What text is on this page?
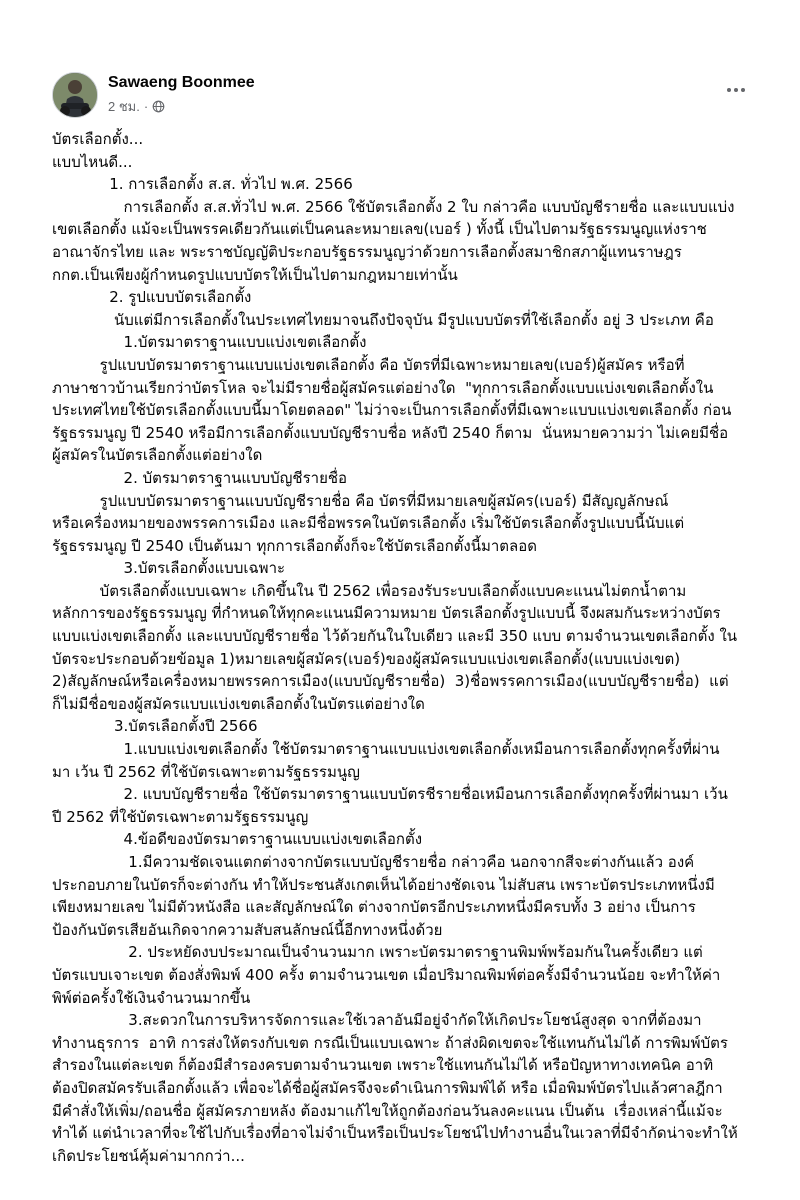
Sawaeng Boonmee
2 ชม. ·
บัตรเลือกตั้ง...
แบบไหนดี...
1. การเลือกตั้ง ส.ส. ทั่วไป พ.ศ. 2566
การเลือกตั้ง ส.ส.ทั่วไป พ.ศ. 2566 ใช้บัตรเลือกตั้ง 2 ใบ กล่าวคือ แบบบัญชีรายชื่อ และแบบแบ่ง
เขตเลือกตั้ง แม้จะเป็นพรรคเดียวกันแต่เป็นคนละหมายเลข(เบอร์ ) ทั้งนี้ เป็นไปตามรัฐธรรมนูญแห่งราช
อาณาจักรไทย และ พระราชบัญญัติประกอบรัฐธรรมนูญว่าด้วยการเลือกตั้งสมาชิกสภาผู้แทนราษฎร
กกต.เป็นเพียงผู้กำหนดรูปแบบบัตรให้เป็นไปตามกฎหมายเท่านั้น
2. รูปแบบบัตรเลือกตั้ง
นับแต่มีการเลือกตั้งในประเทศไทยมาจนถึงปัจจุบัน มีรูปแบบบัตรที่ใช้เลือกตั้ง อยู่ 3 ประเภท คือ
1.บัตรมาตราฐานแบบแบ่งเขตเลือกตั้ง
รูปแบบบัตรมาตราฐานแบบแบ่งเขตเลือกตั้ง คือ บัตรที่มีเฉพาะหมายเลข(เบอร์)ผู้สมัคร หรือที่
ภาษาชาวบ้านเรียกว่าบัตรโหล จะไม่มีรายชื่อผู้สมัครแต่อย่างใด  "ทุกการเลือกตั้งแบบแบ่งเขตเลือกตั้งใน
ประเทศไทยใช้บัตรเลือกตั้งแบบนี้มาโดยตลอด" ไม่ว่าจะเป็นการเลือกตั้งที่มีเฉพาะแบบแบ่งเขตเลือกตั้ง ก่อน
รัฐธรรมนูญ ปี 2540 หรือมีการเลือกตั้งแบบบัญชีราบชื่อ หลังปี 2540 ก็ตาม  นั่นหมายความว่า ไม่เคยมีชื่อ
ผู้สมัครในบัตรเลือกตั้งแต่อย่างใด
2. บัตรมาตราฐานแบบบัญชีรายชื่อ
รูปแบบบัตรมาตราฐานแบบบัญชีรายชื่อ คือ บัตรที่มีหมายเลขผู้สมัคร(เบอร์) มีสัญญลักษณ์
หรือเครื่องหมายของพรรคการเมือง และมีชื่อพรรคในบัตรเลือกตั้ง เริ่มใช้บัตรเลือกตั้งรูปแบบนี้นับแต่
รัฐธรรมนูญ ปี 2540 เป็นต้นมา ทุกการเลือกตั้งก็จะใช้บัตรเลือกตั้งนี้มาตลอด
3.บัตรเลือกตั้งแบบเฉพาะ
บัตรเลือกตั้งแบบเฉพาะ เกิดขึ้นใน ปี 2562 เพื่อรองรับระบบเลือกตั้งแบบคะแนนไม่ตกน้ำตาม
หลักการของรัฐธรรมนูญ ที่กำหนดให้ทุกคะแนนมีความหมาย บัตรเลือกตั้งรูปแบบนี้ จึงผสมกันระหว่างบัตร
แบบแบ่งเขตเลือกตั้ง และแบบบัญชีรายชื่อ ไว้ด้วยกันในใบเดียว และมี 350 แบบ ตามจำนวนเขตเลือกตั้ง ใน
บัตรจะประกอบด้วยข้อมูล 1)หมายเลขผู้สมัคร(เบอร์)ของผู้สมัครแบบแบ่งเขตเลือกตั้ง(แบบแบ่งเขต)
2)สัญลักษณ์หรือเครื่องหมายพรรคการเมือง(แบบบัญชีรายชื่อ)  3)ชื่อพรรคการเมือง(แบบบัญชีรายชื่อ)  แต่
ก็ไม่มีชื่อของผู้สมัครแบบแบ่งเขตเลือกตั้งในบัตรแต่อย่างใด
3.บัตรเลือกตั้งปี 2566
1.แบบแบ่งเขตเลือกตั้ง ใช้บัตรมาตราฐานแบบแบ่งเขตเลือกตั้งเหมือนการเลือกตั้งทุกครั้งที่ผ่าน
มา เว้น ปี 2562 ที่ใช้บัตรเฉพาะตามรัฐธรรมนูญ
2. แบบบัญชีรายชื่อ ใช้บัตรมาตราฐานแบบบัตรชีรายชื่อเหมือนการเลือกตั้งทุกครั้งที่ผ่านมา เว้น
ปี 2562 ที่ใช้บัตรเฉพาะตามรัฐธรรมนูญ
4.ข้อดีของบัตรมาตราฐานแบบแบ่งเขตเลือกตั้ง
1.มีความชัดเจนแตกต่างจากบัตรแบบบัญชีรายชื่อ กล่าวคือ นอกจากสีจะต่างกันแล้ว องค์
ประกอบภายในบัตรก็จะต่างกัน ทำให้ประชนสังเกตเห็นได้อย่างชัดเจน ไม่สับสน เพราะบัตรประเภทหนึ่งมี
เพียงหมายเลข ไม่มีตัวหนังสือ และสัญลักษณ์ใด ต่างจากบัตรอีกประเภทหนึ่งมีครบทั้ง 3 อย่าง เป็นการ
ป้องกันบัตรเสียอันเกิดจากความสับสนลักษณ์นี้อีกทางหนึ่งด้วย
2. ประหยัดงบประมาณเป็นจำนวนมาก เพราะบัตรมาตราฐานพิมพ์พร้อมกันในครั้งเดียว แต่
บัตรแบบเจาะเขต ต้องสั่งพิมพ์ 400 ครั้ง ตามจำนวนเขต เมื่อปริมาณพิมพ์ต่อครั้งมีจำนวนน้อย จะทำให้ค่า
พิพ์ต่อครั้งใช้เงินจำนวนมากขึ้น
3.สะดวกในการบริหารจัดการและใช้เวลาอันมีอยู่จำกัดให้เกิดประโยชน์สูงสุด จากที่ต้องมา
ทำงานธุรการ  อาทิ การส่งให้ตรงกับเขต กรณีเป็นแบบเฉพาะ ถ้าส่งผิดเขตจะใช้แทนกันไม่ได้ การพิมพ์บัตร
สำรองในแต่ละเขต ก็ต้องมีสำรองครบตามจำนวนเขต เพราะใช้แทนกันไม่ได้ หรือปัญหาทางเทคนิค อาทิ
ต้องปิดสมัครรับเลือกตั้งแล้ว เพื่อจะได้ชื่อผู้สมัครจึงจะดำเนินการพิมพ์ได้ หรือ เมื่อพิมพ์บัตรไปแล้วศาลฎีกา
มีคำสั่งให้เพิ่ม/ถอนชื่อ ผู้สมัครภายหลัง ต้องมาแก้ไขให้ถูกต้องก่อนวันลงคะแนน เป็นต้น  เรื่องเหล่านี้แม้จะ
ทำได้ แต่นำเวลาที่จะใช้ไปกับเรื่องที่อาจไม่จำเป็นหรือเป็นประโยชน์ไปทำงานอื่นในเวลาที่มีจำกัดน่าจะทำให้
เกิดประโยชน์คุ้มค่ามากกว่า...
